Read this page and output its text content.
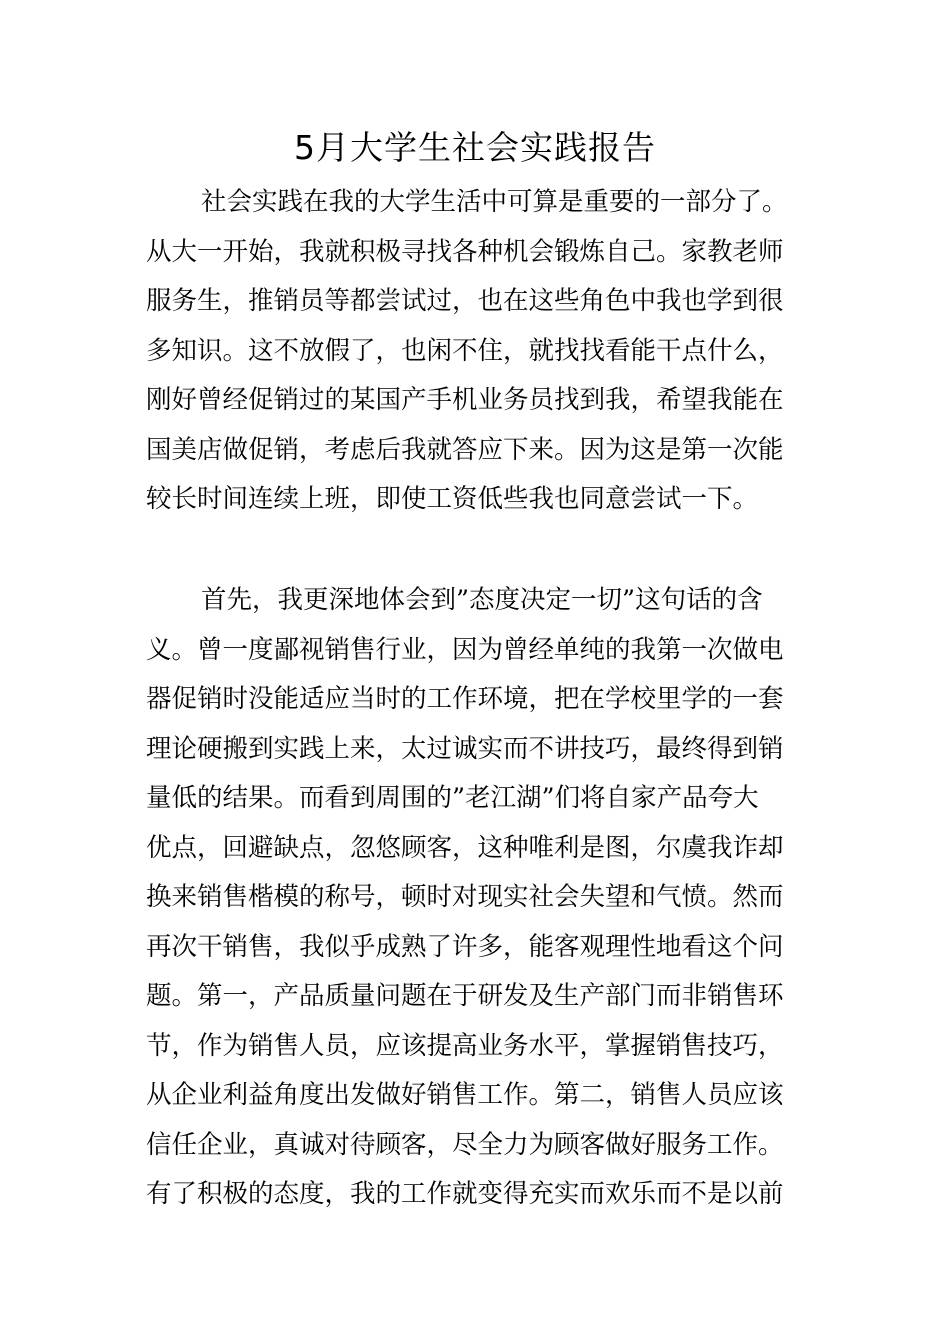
5月大学生社会实践报告
社会实践在我的大学生活中可算是重要的一部分了。
从大一开始，我就积极寻找各种机会锻炼自己。家教老师
服务生，推销员等都尝试过，也在这些角色中我也学到很
多知识。这不放假了，也闲不住，就找找看能干点什么，
刚好曾经促销过的某国产手机业务员找到我，希望我能在
国美店做促销，考虑后我就答应下来。因为这是第一次能
较长时间连续上班，即使工资低些我也同意尝试一下。
首先，我更深地体会到”态度决定一切”这句话的含
义。曾一度鄙视销售行业，因为曾经单纯的我第一次做电
器促销时没能适应当时的工作环境，把在学校里学的一套
理论硬搬到实践上来，太过诚实而不讲技巧，最终得到销
量低的结果。而看到周围的”老江湖”们将自家产品夸大
优点，回避缺点，忽悠顾客，这种唯利是图，尔虞我诈却
换来销售楷模的称号，顿时对现实社会失望和气愤。然而
再次干销售，我似乎成熟了许多，能客观理性地看这个问
题。第一，产品质量问题在于研发及生产部门而非销售环
节，作为销售人员，应该提高业务水平，掌握销售技巧，
从企业利益角度出发做好销售工作。第二，销售人员应该
信任企业，真诚对待顾客，尽全力为顾客做好服务工作。
有了积极的态度，我的工作就变得充实而欢乐而不是以前
